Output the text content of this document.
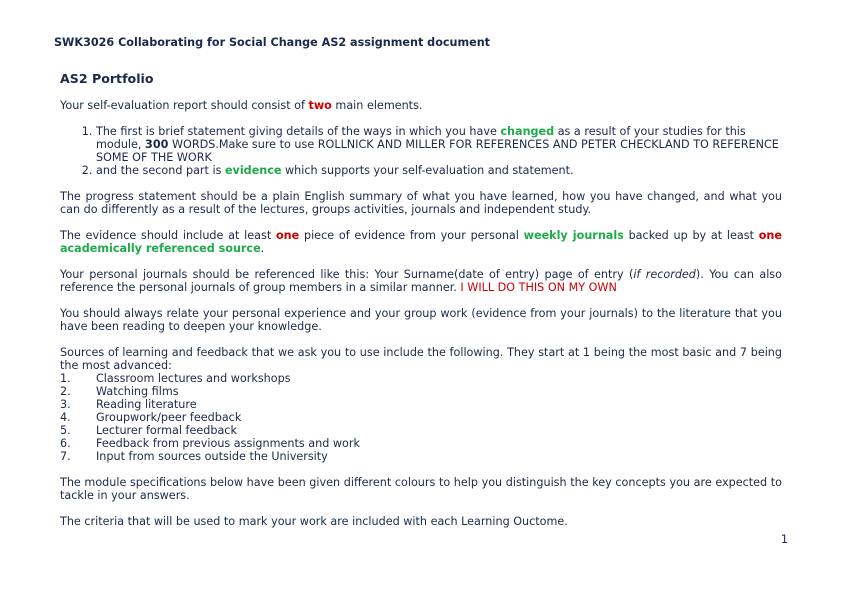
SWK3026 Collaborating for Social Change AS2 assignment document
AS2 Portfolio

Your self-evaluation report should consist of two main elements.

1. The first is brief statement giving details of the ways in which you have changed as a result of your studies for this module, 300 WORDS.Make sure to use ROLLNICK AND MILLER FOR REFERENCES AND PETER CHECKLAND TO REFERENCE SOME OF THE WORK
2. and the second part is evidence which supports your self-evaluation and statement.

The progress statement should be a plain English summary of what you have learned, how you have changed, and what you can do differently as a result of the lectures, groups activities, journals and independent study.

The evidence should include at least one piece of evidence from your personal weekly journals backed up by at least one academically referenced source.

Your personal journals should be referenced like this: Your Surname(date of entry) page of entry (if recorded). You can also reference the personal journals of group members in a similar manner. I WILL DO THIS ON MY OWN

You should always relate your personal experience and your group work (evidence from your journals) to the literature that you have been reading to deepen your knowledge.

Sources of learning and feedback that we ask you to use include the following. They start at 1 being the most basic and 7 being the most advanced:
1.	Classroom lectures and workshops
2.	Watching films
3.	Reading literature
4.	Groupwork/peer feedback
5.	Lecturer formal feedback
6.	Feedback from previous assignments and work
7.	Input from sources outside the University

The module specifications below have been given different colours to help you distinguish the key concepts you are expected to tackle in your answers.

The criteria that will be used to mark your work are included with each Learning Ouctome.

1
